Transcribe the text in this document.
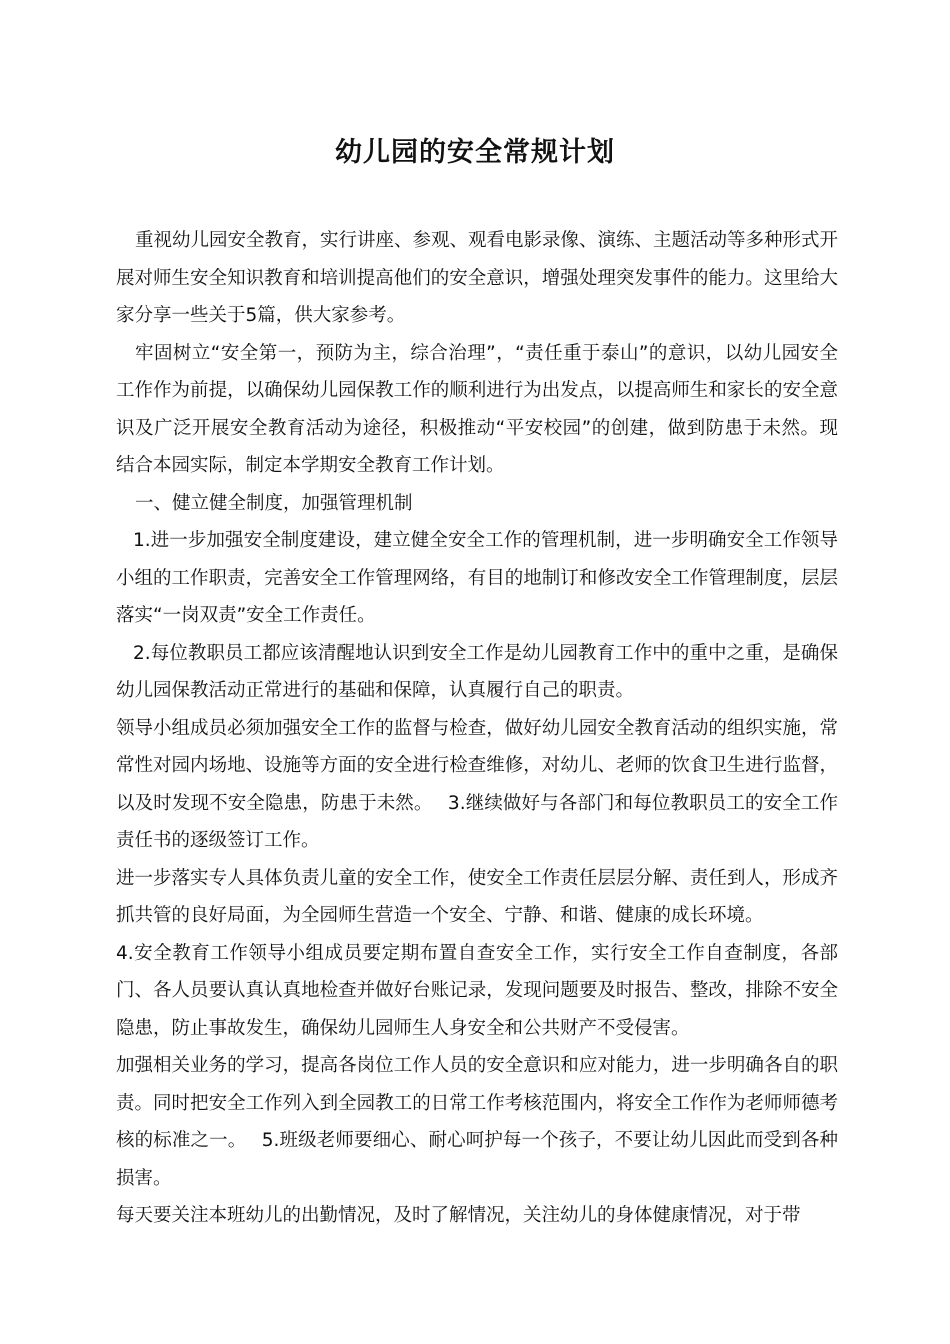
幼儿园的安全常规计划

重视幼儿园安全教育，实行讲座、参观、观看电影录像、演练、主题活动等多种形式开展对师生安全知识教育和培训提高他们的安全意识，增强处理突发事件的能力。这里给大家分享一些关于5篇，供大家参考。

牢固树立“安全第一，预防为主，综合治理”，“责任重于泰山”的意识，以幼儿园安全工作作为前提，以确保幼儿园保教工作的顺利进行为出发点，以提高师生和家长的安全意识及广泛开展安全教育活动为途径，积极推动“平安校园”的创建，做到防患于未然。现结合本园实际，制定本学期安全教育工作计划。

一、健立健全制度，加强管理机制

1.进一步加强安全制度建设，建立健全安全工作的管理机制，进一步明确安全工作领导小组的工作职责，完善安全工作管理网络，有目的地制订和修改安全工作管理制度，层层落实“一岗双责”安全工作责任。

2.每位教职员工都应该清醒地认识到安全工作是幼儿园教育工作中的重中之重，是确保幼儿园保教活动正常进行的基础和保障，认真履行自己的职责。

领导小组成员必须加强安全工作的监督与检查，做好幼儿园安全教育活动的组织实施，常常性对园内场地、设施等方面的安全进行检查维修，对幼儿、老师的饮食卫生进行监督，以及时发现不安全隐患，防患于未然。　 3.继续做好与各部门和每位教职员工的安全工作责任书的逐级签订工作。

进一步落实专人具体负责儿童的安全工作，使安全工作责任层层分解、责任到人，形成齐抓共管的良好局面，为全园师生营造一个安全、宁静、和谐、健康的成长环境。

4.安全教育工作领导小组成员要定期布置自查安全工作，实行安全工作自查制度，各部门、各人员要认真认真地检查并做好台账记录，发现问题要及时报告、整改，排除不安全隐患，防止事故发生，确保幼儿园师生人身安全和公共财产不受侵害。

加强相关业务的学习，提高各岗位工作人员的安全意识和应对能力，进一步明确各自的职责。同时把安全工作列入到全园教工的日常工作考核范围内，将安全工作作为老师师德考核的标准之一。　 5.班级老师要细心、耐心呵护每一个孩子，不要让幼儿因此而受到各种损害。

每天要关注本班幼儿的出勤情况，及时了解情况，关注幼儿的身体健康情况，对于带
